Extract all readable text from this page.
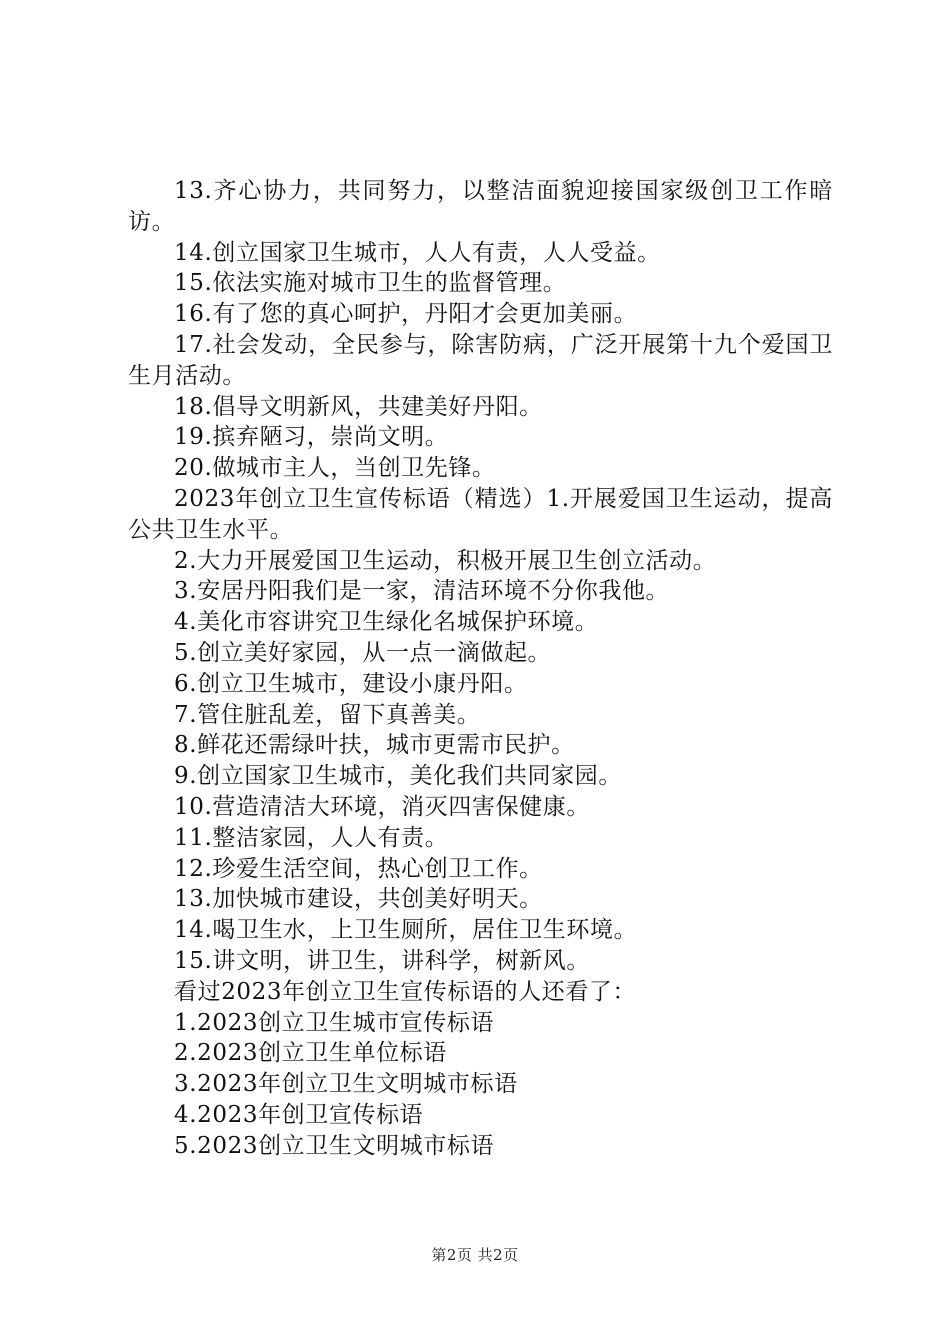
13.齐心协力，共同努力，以整洁面貌迎接国家级创卫工作暗访。

14.创立国家卫生城市，人人有责，人人受益。

15.依法实施对城市卫生的监督管理。

16.有了您的真心呵护，丹阳才会更加美丽。

17.社会发动，全民参与，除害防病，广泛开展第十九个爱国卫生月活动。

18.倡导文明新风，共建美好丹阳。

19.摈弃陋习，崇尚文明。

20.做城市主人，当创卫先锋。

2023年创立卫生宣传标语（精选）1.开展爱国卫生运动，提高公共卫生水平。

2.大力开展爱国卫生运动，积极开展卫生创立活动。

3.安居丹阳我们是一家，清洁环境不分你我他。

4.美化市容讲究卫生绿化名城保护环境。

5.创立美好家园，从一点一滴做起。

6.创立卫生城市，建设小康丹阳。

7.管住脏乱差，留下真善美。

8.鲜花还需绿叶扶，城市更需市民护。

9.创立国家卫生城市，美化我们共同家园。

10.营造清洁大环境，消灭四害保健康。

11.整洁家园，人人有责。

12.珍爱生活空间，热心创卫工作。

13.加快城市建设，共创美好明天。

14.喝卫生水，上卫生厕所，居住卫生环境。

15.讲文明，讲卫生，讲科学，树新风。

看过2023年创立卫生宣传标语的人还看了：

1.2023创立卫生城市宣传标语

2.2023创立卫生单位标语

3.2023年创立卫生文明城市标语

4.2023年创卫宣传标语

5.2023创立卫生文明城市标语

第2页 共2页
